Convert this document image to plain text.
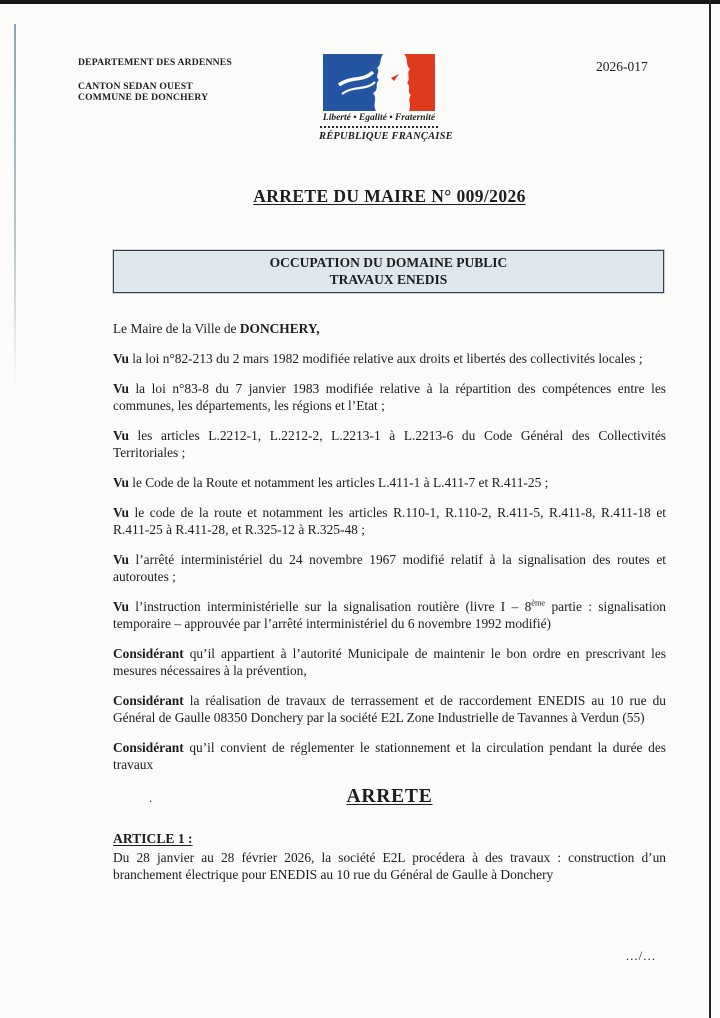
DEPARTEMENT DES ARDENNES
CANTON SEDAN OUEST
COMMUNE DE DONCHERY
Liberté • Egalité • Fraternité
RÉPUBLIQUE FRANÇAISE
2026-017
ARRETE DU MAIRE N° 009/2026
OCCUPATION DU DOMAINE PUBLIC
TRAVAUX ENEDIS

Le Maire de la Ville de DONCHERY,

Vu la loi n°82-213 du 2 mars 1982 modifiée relative aux droits et libertés des collectivités locales ;

Vu la loi n°83-8 du 7 janvier 1983 modifiée relative à la répartition des compétences entre les communes, les départements, les régions et l’Etat ;

Vu les articles L.2212-1, L.2212-2, L.2213-1 à L.2213-6 du Code Général des Collectivités Territoriales ;

Vu le Code de la Route et notamment les articles L.411-1 à L.411-7 et R.411-25 ;

Vu le code de la route et notamment les articles R.110-1, R.110-2, R.411-5, R.411-8, R.411-18 et R.411-25 à R.411-28, et R.325-12 à R.325-48 ;

Vu l’arrêté interministériel du 24 novembre 1967 modifié relatif à la signalisation des routes et autoroutes ;

Vu l’instruction interministérielle sur la signalisation routière (livre I – 8ème partie : signalisation temporaire – approuvée par l’arrêté interministériel du 6 novembre 1992 modifié)

Considérant qu’il appartient à l’autorité Municipale de maintenir le bon ordre en prescrivant les mesures nécessaires à la prévention,

Considérant la réalisation de travaux de terrassement et de raccordement ENEDIS au 10 rue du Général de Gaulle 08350 Donchery par la société E2L Zone Industrielle de Tavannes à Verdun (55)

Considérant qu’il convient de réglementer le stationnement et la circulation pendant la durée des travaux

ARRETE
ARTICLE 1 :

Du 28 janvier au 28 février 2026, la société E2L procédera à des travaux : construction d’un branchement électrique pour ENEDIS au 10 rue du Général de Gaulle à Donchery

.
.../...
